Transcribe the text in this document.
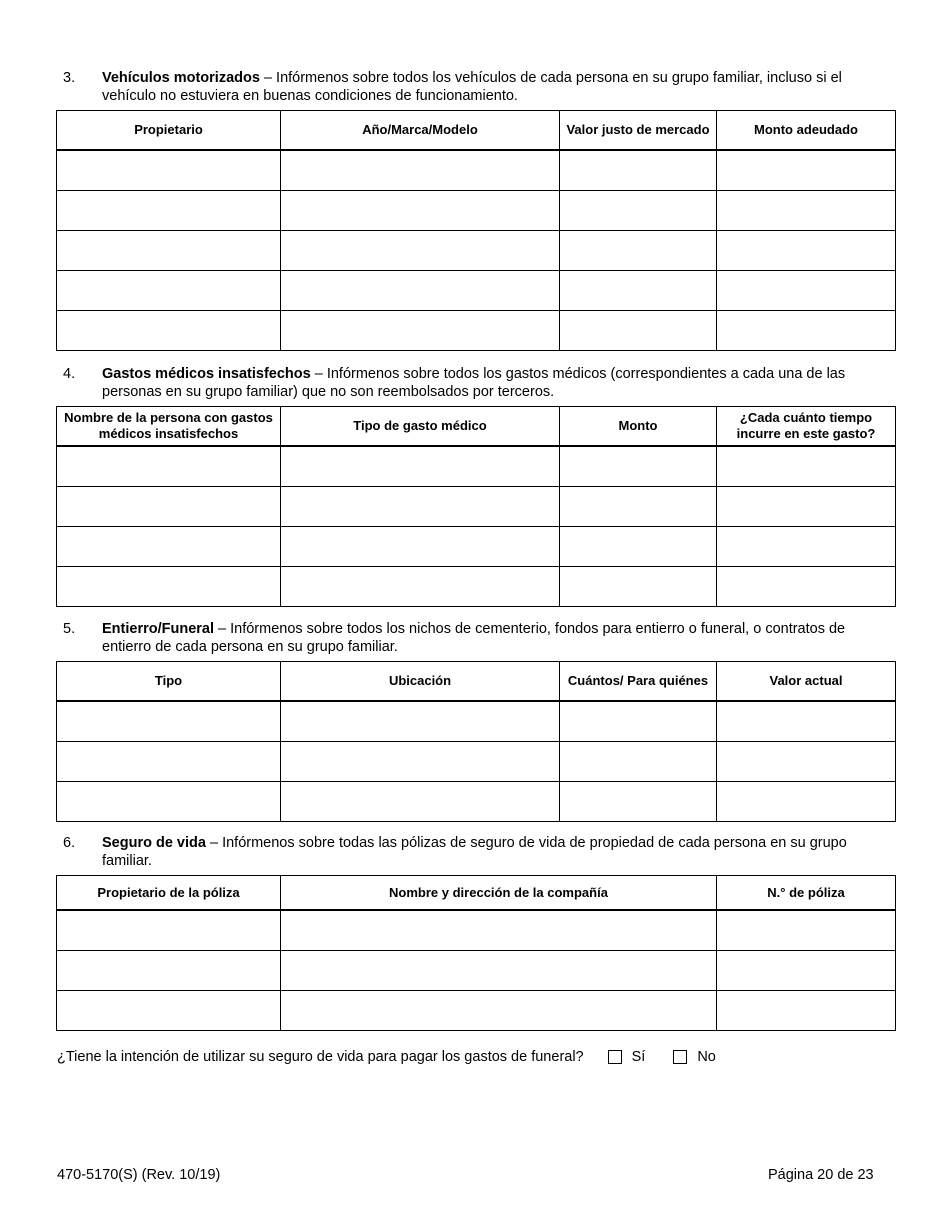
3. Vehículos motorizados – Infórmenos sobre todos los vehículos de cada persona en su grupo familiar, incluso si el vehículo no estuviera en buenas condiciones de funcionamiento.
Propietario	Año/Marca/Modelo	Valor justo de mercado	Monto adeudado

4. Gastos médicos insatisfechos – Infórmenos sobre todos los gastos médicos (correspondientes a cada una de las personas en su grupo familiar) que no son reembolsados por terceros.
Nombre de la persona con gastos médicos insatisfechos	Tipo de gasto médico	Monto	¿Cada cuánto tiempo incurre en este gasto?

5. Entierro/Funeral – Infórmenos sobre todos los nichos de cementerio, fondos para entierro o funeral, o contratos de entierro de cada persona en su grupo familiar.
Tipo	Ubicación	Cuántos/ Para quiénes	Valor actual

6. Seguro de vida – Infórmenos sobre todas las pólizas de seguro de vida de propiedad de cada persona en su grupo familiar.
Propietario de la póliza	Nombre y dirección de la compañía	N.° de póliza

¿Tiene la intención de utilizar su seguro de vida para pagar los gastos de funeral?	Sí	No
470-5170(S) (Rev. 10/19)	Página 20 de 23
